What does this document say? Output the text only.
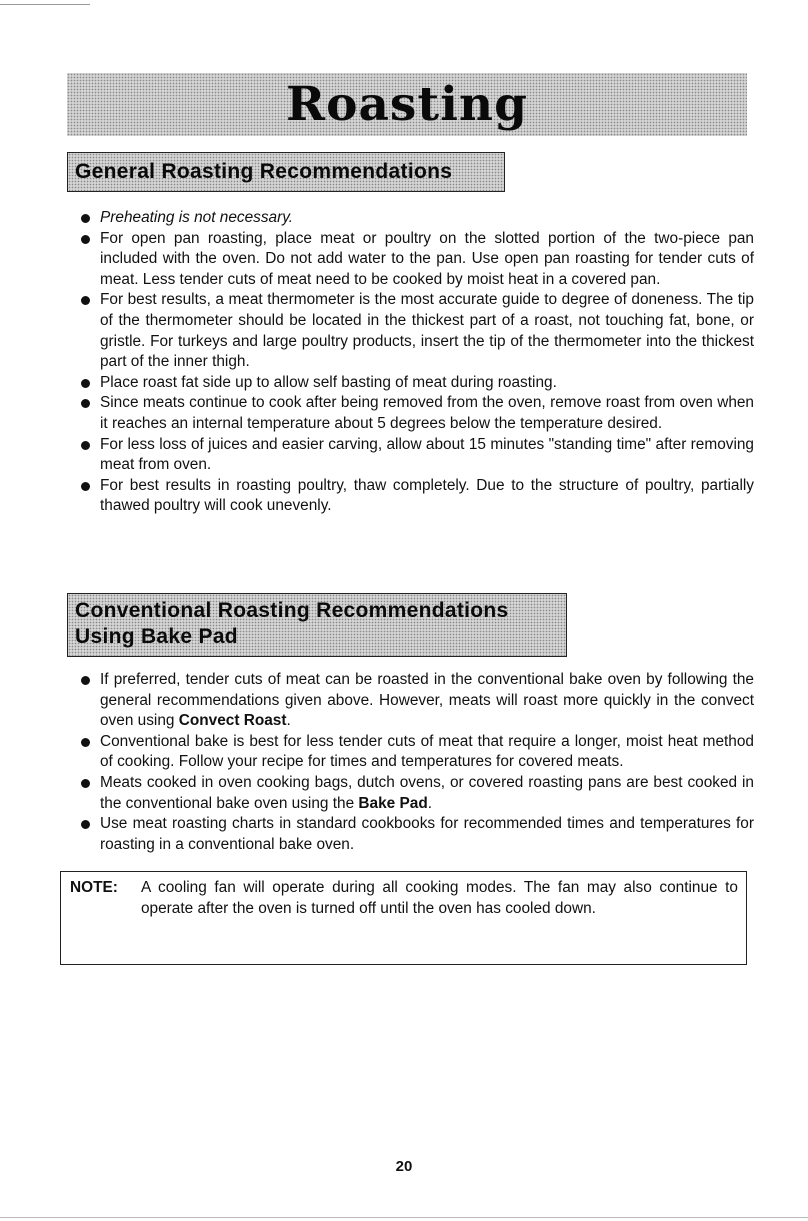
Roasting
General Roasting Recommendations
Preheating is not necessary.
For open pan roasting, place meat or poultry on the slotted portion of the two-piece pan included with the oven. Do not add water to the pan. Use open pan roasting for tender cuts of meat. Less tender cuts of meat need to be cooked by moist heat in a covered pan.
For best results, a meat thermometer is the most accurate guide to degree of doneness. The tip of the thermometer should be located in the thickest part of a roast, not touching fat, bone, or gristle. For turkeys and large poultry products, insert the tip of the thermometer into the thickest part of the inner thigh.
Place roast fat side up to allow self basting of meat during roasting.
Since meats continue to cook after being removed from the oven, remove roast from oven when it reaches an internal temperature about 5 degrees below the temperature desired.
For less loss of juices and easier carving, allow about 15 minutes "standing time" after removing meat from oven.
For best results in roasting poultry, thaw completely. Due to the structure of poultry, partially thawed poultry will cook unevenly.
Conventional Roasting Recommendations
Using Bake Pad
If preferred, tender cuts of meat can be roasted in the conventional bake oven by following the general recommendations given above. However, meats will roast more quickly in the convect oven using Convect Roast.
Conventional bake is best for less tender cuts of meat that require a longer, moist heat method of cooking. Follow your recipe for times and temperatures for covered meats.
Meats cooked in oven cooking bags, dutch ovens, or covered roasting pans are best cooked in the conventional bake oven using the Bake Pad.
Use meat roasting charts in standard cookbooks for recommended times and temperatures for roasting in a conventional bake oven.
NOTE: A cooling fan will operate during all cooking modes. The fan may also continue to operate after the oven is turned off until the oven has cooled down.
20
